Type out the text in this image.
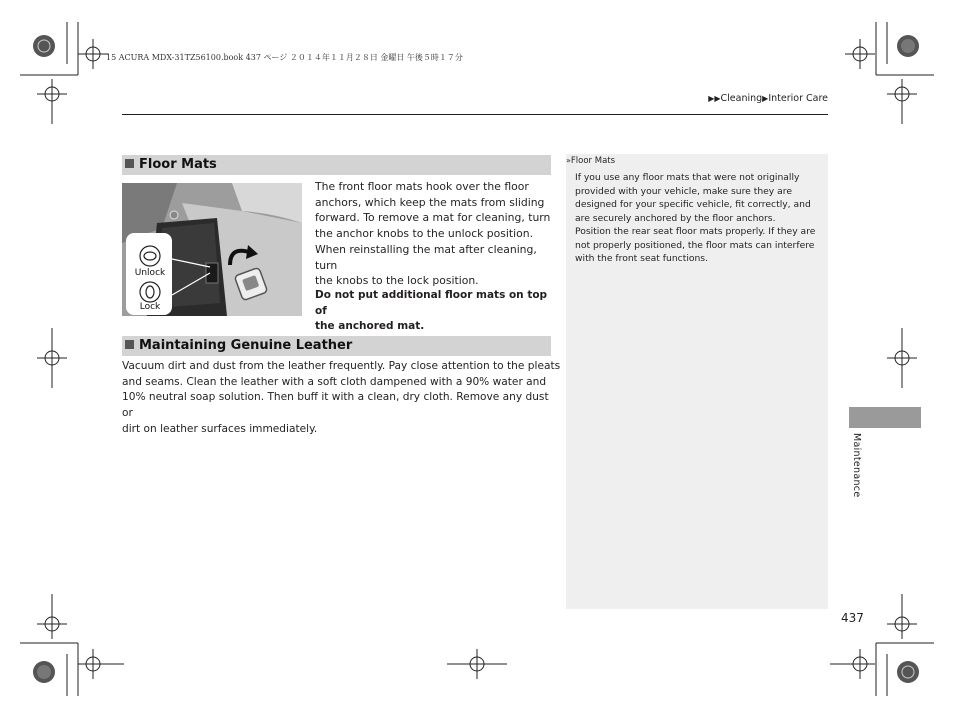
15 ACURA MDX-31TZ56100.book 437 ページ ２０１４年１１月２８日 金曜日 午後５時１７分
▶▶Cleaning▶Interior Care
Floor Mats
Unlock
Lock
The front floor mats hook over the floor
anchors, which keep the mats from sliding
forward. To remove a mat for cleaning, turn
the anchor knobs to the unlock position.
When reinstalling the mat after cleaning, turn
the knobs to the lock position.
Do not put additional floor mats on top of
the anchored mat.
Maintaining Genuine Leather
Vacuum dirt and dust from the leather frequently. Pay close attention to the pleats
and seams. Clean the leather with a soft cloth dampened with a 90% water and
10% neutral soap solution. Then buff it with a clean, dry cloth. Remove any dust or
dirt on leather surfaces immediately.
»Floor Mats
If you use any floor mats that were not originally
provided with your vehicle, make sure they are
designed for your specific vehicle, fit correctly, and
are securely anchored by the floor anchors.
Position the rear seat floor mats properly. If they are
not properly positioned, the floor mats can interfere
with the front seat functions.
Maintenance
437
